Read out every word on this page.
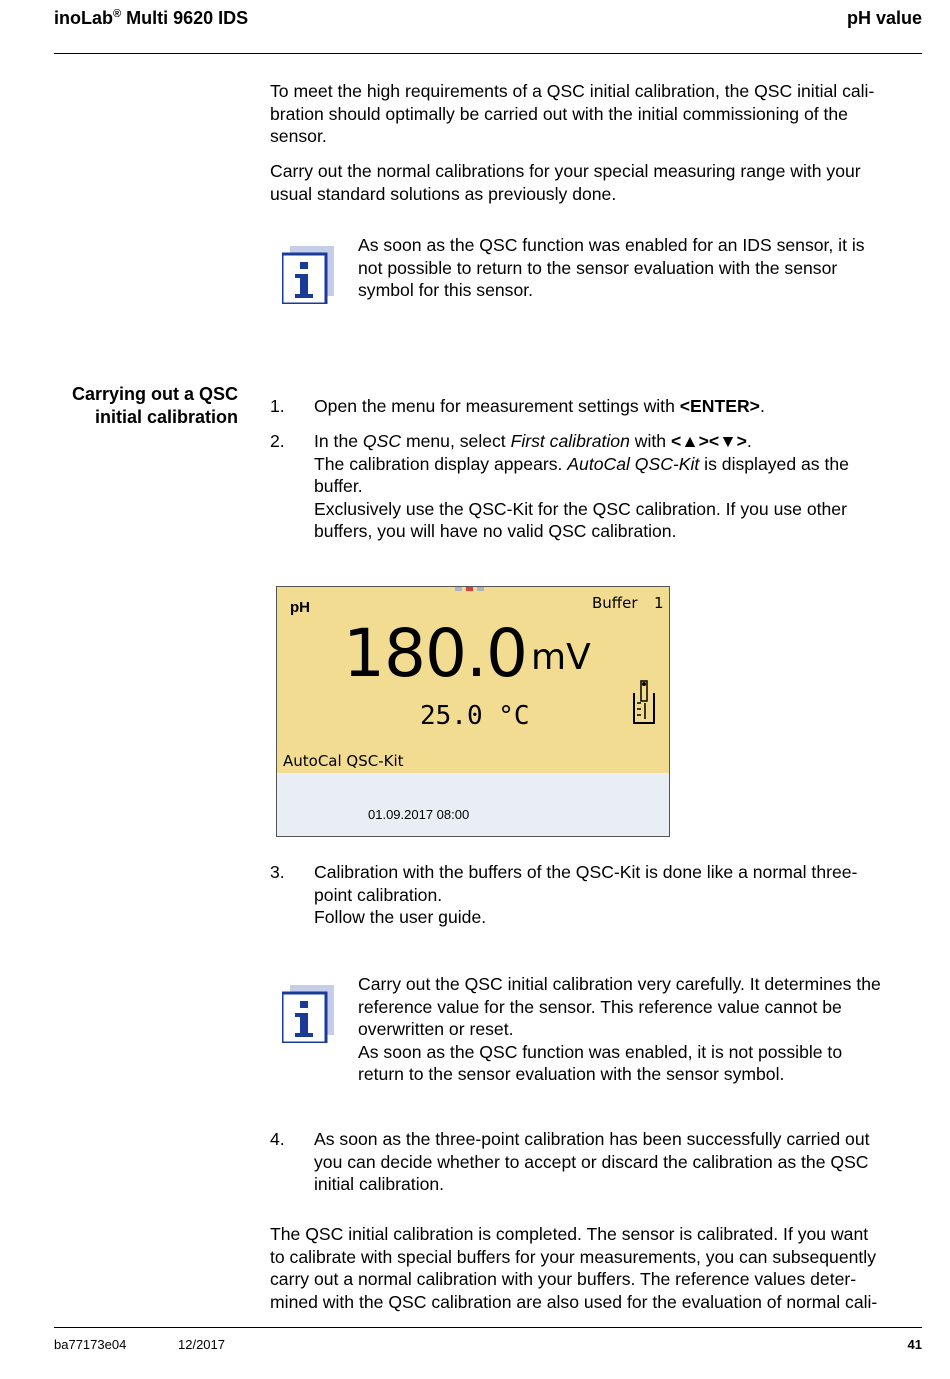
inoLab® Multi 9620 IDS	pH value
To meet the high requirements of a QSC initial calibration, the QSC initial cali-
bration should optimally be carried out with the initial commissioning of the
sensor.
Carry out the normal calibrations for your special measuring range with your
usual standard solutions as previously done.
As soon as the QSC function was enabled for an IDS sensor, it is
not possible to return to the sensor evaluation with the sensor
symbol for this sensor.
Carrying out a QSC
initial calibration
1. Open the menu for measurement settings with <ENTER>.
2. In the QSC menu, select First calibration with <▲><▼>.
The calibration display appears. AutoCal QSC-Kit is displayed as the
buffer.
Exclusively use the QSC-Kit for the QSC calibration. If you use other
buffers, you will have no valid QSC calibration.
pH	Buffer 1
180.0 mV
25.0 °C
AutoCal QSC-Kit
01.09.2017 08:00
3. Calibration with the buffers of the QSC-Kit is done like a normal three-
point calibration.
Follow the user guide.
Carry out the QSC initial calibration very carefully. It determines the
reference value for the sensor. This reference value cannot be
overwritten or reset.
As soon as the QSC function was enabled, it is not possible to
return to the sensor evaluation with the sensor symbol.
4. As soon as the three-point calibration has been successfully carried out
you can decide whether to accept or discard the calibration as the QSC
initial calibration.
The QSC initial calibration is completed. The sensor is calibrated. If you want
to calibrate with special buffers for your measurements, you can subsequently
carry out a normal calibration with your buffers. The reference values deter-
mined with the QSC calibration are also used for the evaluation of normal cali-
ba77173e04	12/2017	41
